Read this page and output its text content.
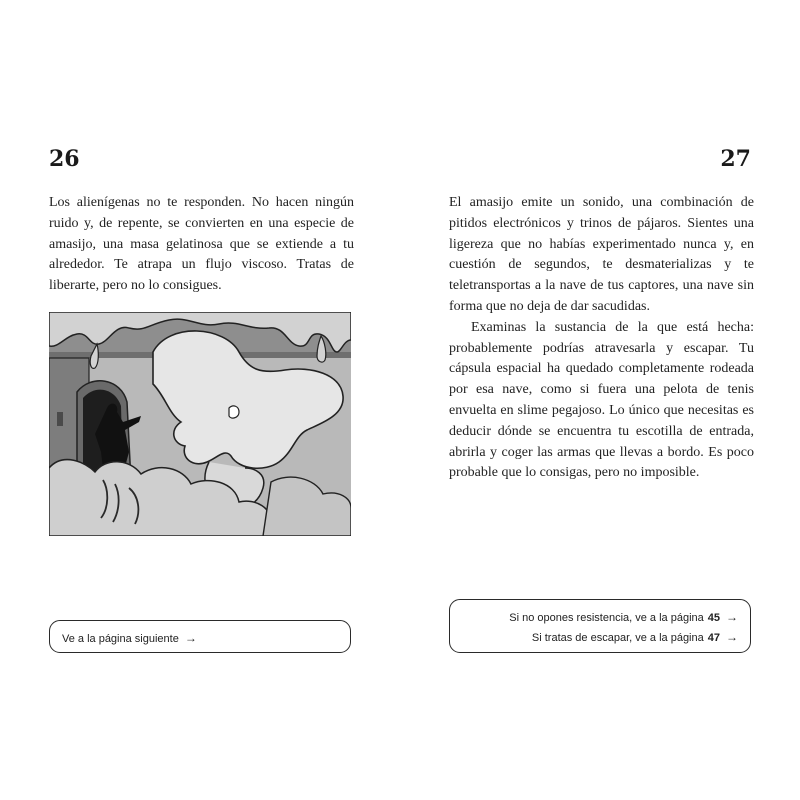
26

Los alienígenas no te responden. No hacen ningún ruido y, de repente, se convierten en una especie de amasijo, una masa gelatinosa que se extiende a tu alrededor. Te atrapa un flujo viscoso. Tratas de liberarte, pero no lo consigues.

Ve a la página siguiente →
27

El amasijo emite un sonido, una combinación de pitidos electrónicos y trinos de pájaros. Sientes una ligereza que no habías experimentado nunca y, en cuestión de segundos, te desmaterializas y te teletransportas a la nave de tus captores, una nave sin forma que no deja de dar sacudidas.

Examinas la sustancia de la que está hecha: probablemente podrías atravesarla y escapar. Tu cápsula espacial ha quedado completamente rodeada por esa nave, como si fuera una pelota de tenis envuelta en slime pegajoso. Lo único que necesitas es deducir dónde se encuentra tu escotilla de entrada, abrirla y coger las armas que llevas a bordo. Es poco probable que lo consigas, pero no imposible.

Si no opones resistencia, ve a la página 45 →
Si tratas de escapar, ve a la página 47 →
